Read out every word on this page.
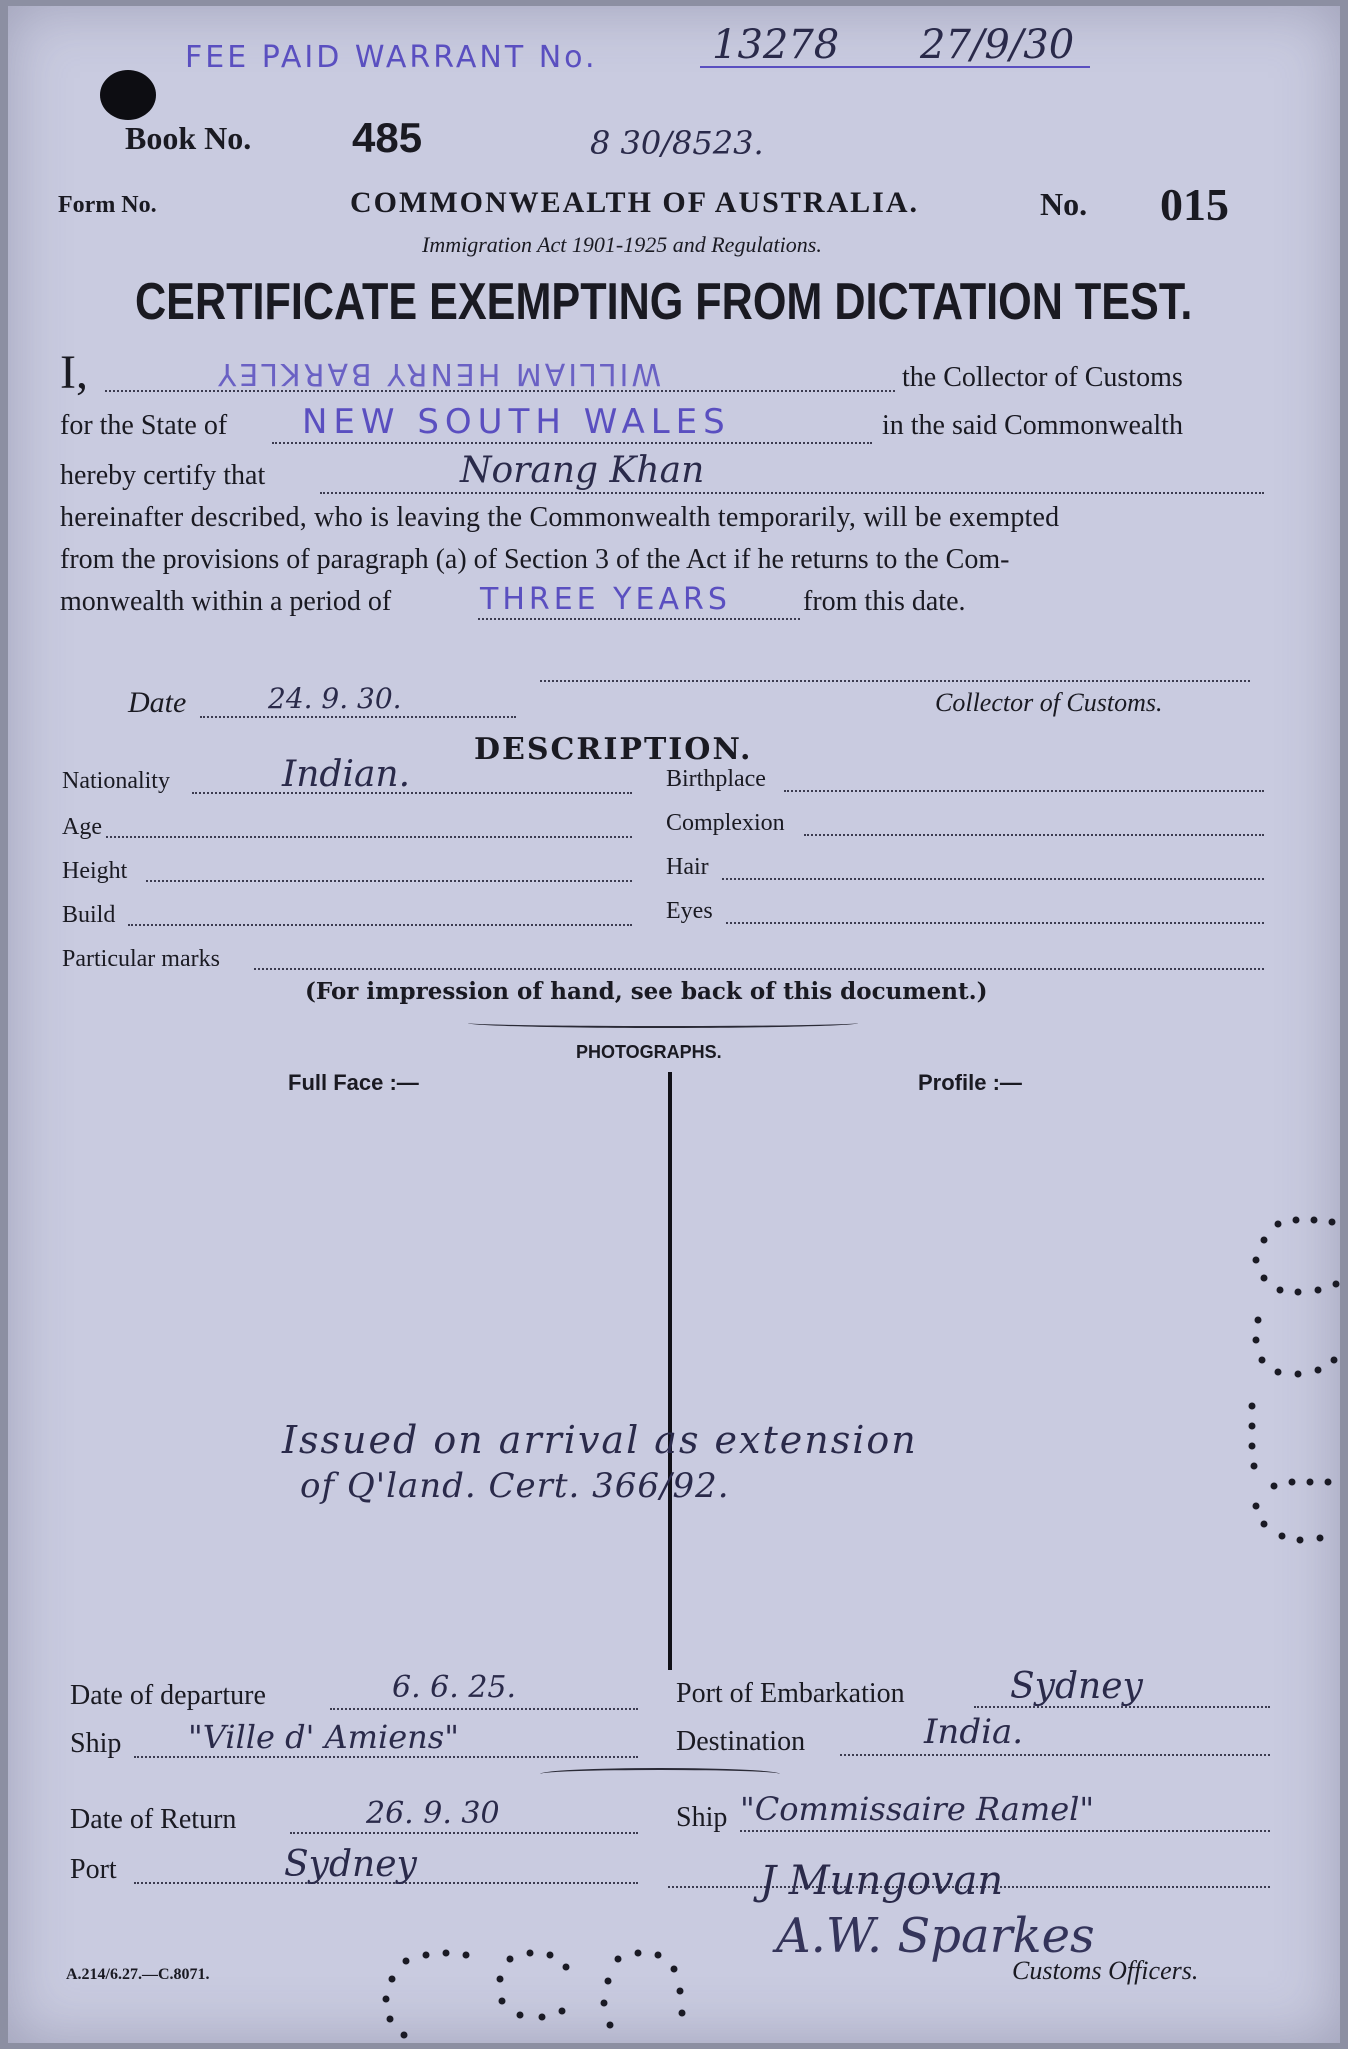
FEE PAID WARRANT No.	13278 27/9/30
Book No. 485	8 30/8523.
Form No.	COMMONWEALTH OF AUSTRALIA.	No. 015
Immigration Act 1901-1925 and Regulations.
CERTIFICATE EXEMPTING FROM DICTATION TEST.
I,	WILLIAM HENRY BARKLEY	the Collector of Customs
for the State of NEW SOUTH WALES	in the said Commonwealth
hereby certify that	Norang Khan
hereinafter described, who is leaving the Commonwealth temporarily, will be exempted
from the provisions of paragraph (a) of Section 3 of the Act if he returns to the Com-
monwealth within a period of	THREE YEARS	from this date.
Date	24. 9. 30.	Collector of Customs.
DESCRIPTION.
Nationality	Indian.	Birthplace
Age	Complexion
Height	Hair
Build	Eyes
Particular marks
(For impression of hand, see back of this document.)
PHOTOGRAPHS.
Full Face :—	Profile :—
Issued on arrival as extension
of Q'land. Cert. 366/92.
Date of departure	6. 6. 25.	Port of Embarkation	Sydney
Ship "Ville d' Amiens"	Destination	India.
Date of Return	26. 9. 30	Ship "Commissaire Ramel"
Port	Sydney	J Mungovan
A.W. Sparkes
Customs Officers.
A.214/6.27.—C.8071.
